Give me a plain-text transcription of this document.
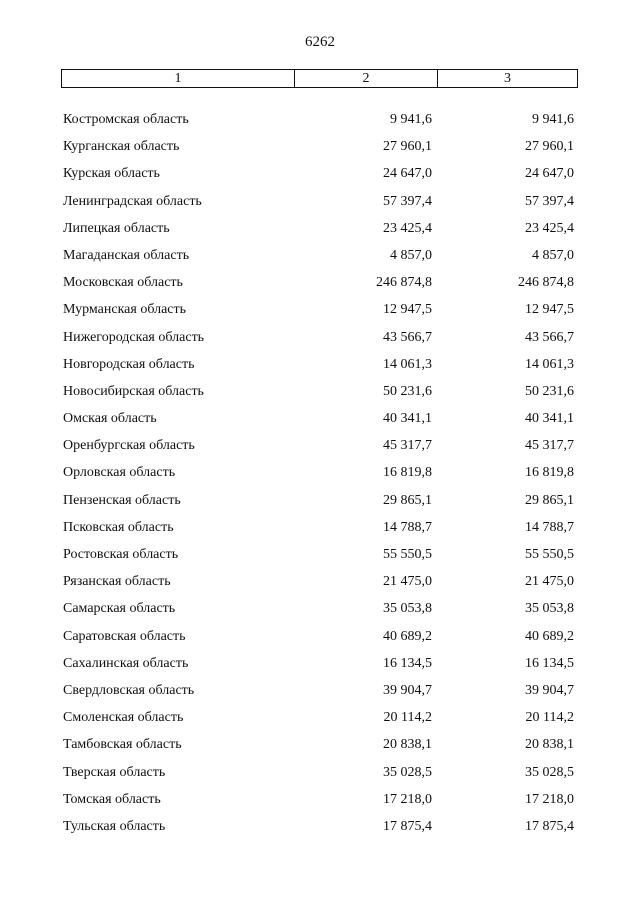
6262
1	2	3
Костромская область	9 941,6	9 941,6
Курганская область	27 960,1	27 960,1
Курская область	24 647,0	24 647,0
Ленинградская область	57 397,4	57 397,4
Липецкая область	23 425,4	23 425,4
Магаданская область	4 857,0	4 857,0
Московская область	246 874,8	246 874,8
Мурманская область	12 947,5	12 947,5
Нижегородская область	43 566,7	43 566,7
Новгородская область	14 061,3	14 061,3
Новосибирская область	50 231,6	50 231,6
Омская область	40 341,1	40 341,1
Оренбургская область	45 317,7	45 317,7
Орловская область	16 819,8	16 819,8
Пензенская область	29 865,1	29 865,1
Псковская область	14 788,7	14 788,7
Ростовская область	55 550,5	55 550,5
Рязанская область	21 475,0	21 475,0
Самарская область	35 053,8	35 053,8
Саратовская область	40 689,2	40 689,2
Сахалинская область	16 134,5	16 134,5
Свердловская область	39 904,7	39 904,7
Смоленская область	20 114,2	20 114,2
Тамбовская область	20 838,1	20 838,1
Тверская область	35 028,5	35 028,5
Томская область	17 218,0	17 218,0
Тульская область	17 875,4	17 875,4
